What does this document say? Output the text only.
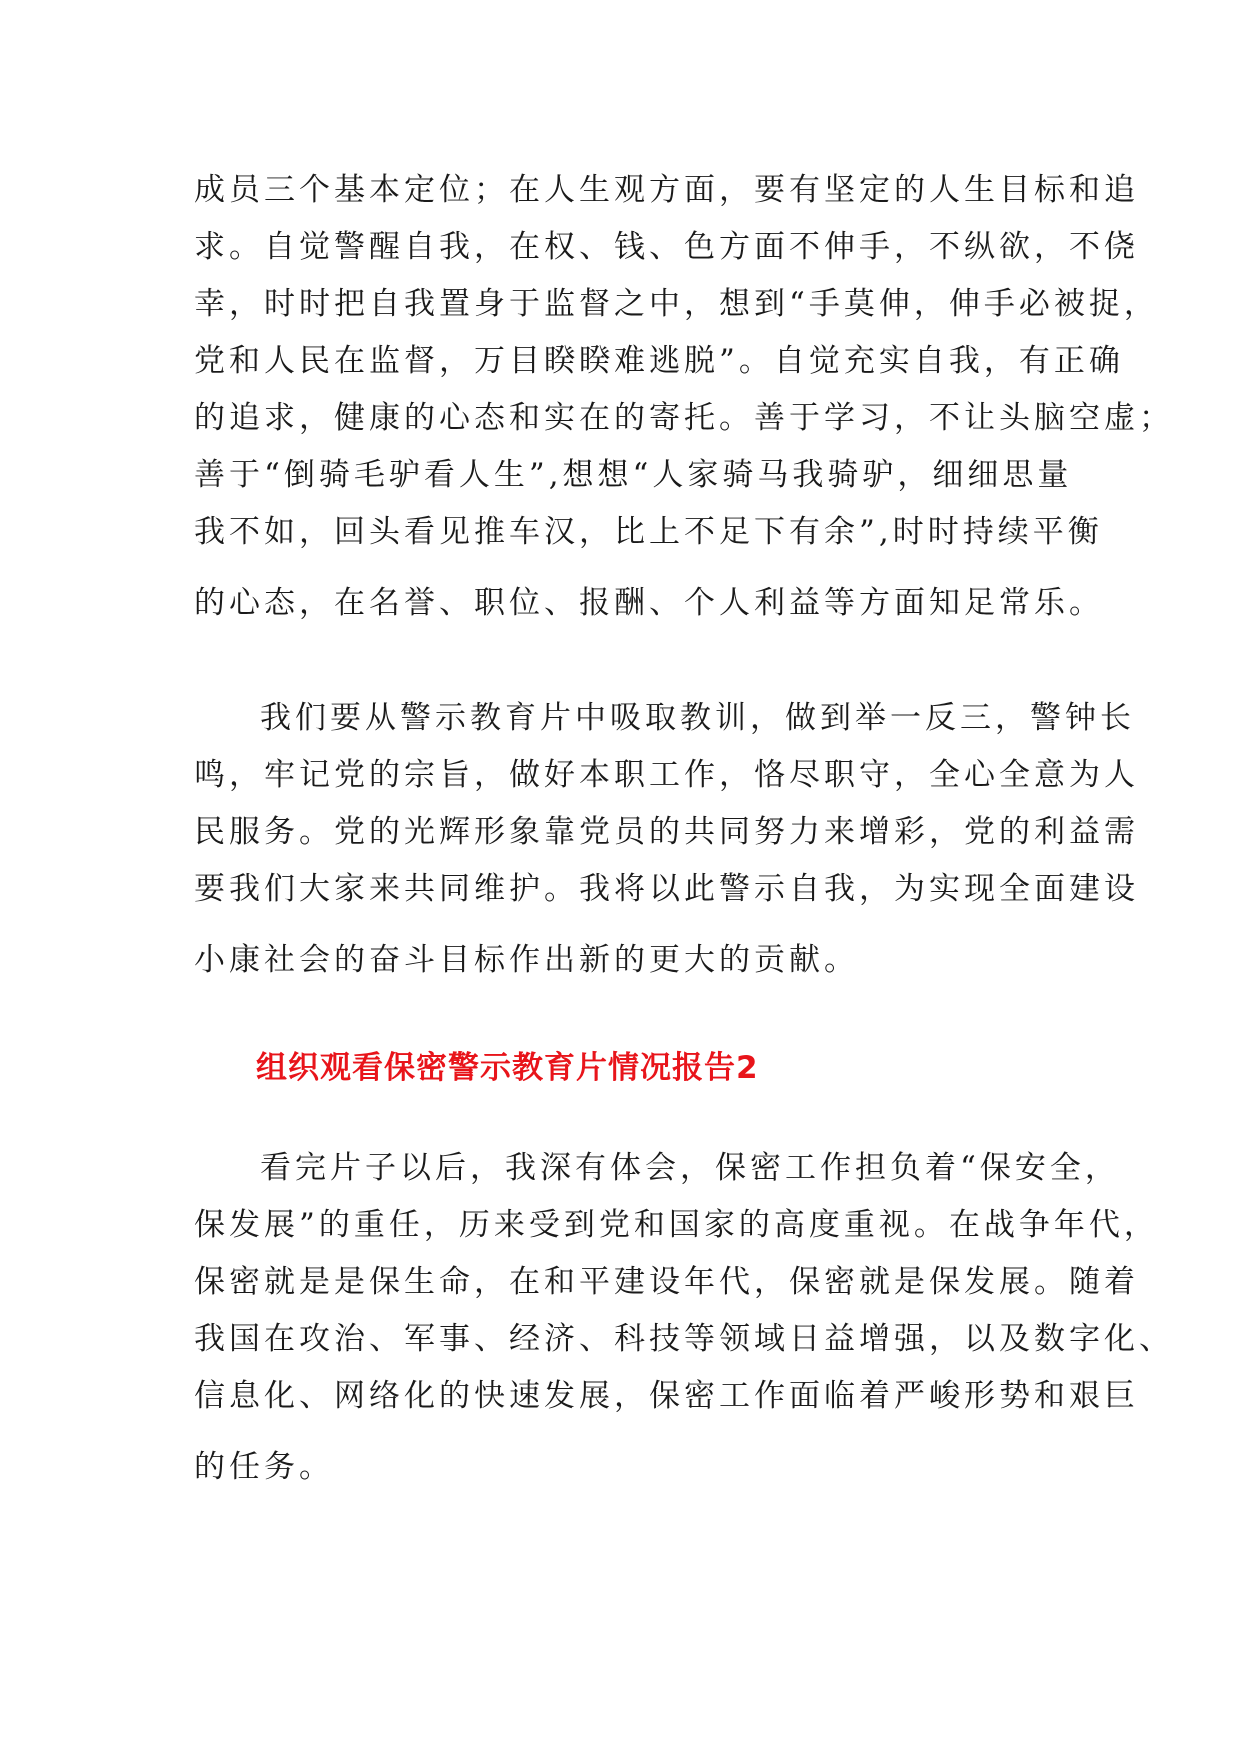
成员三个基本定位；在人生观方面，要有坚定的人生目标和追
求。自觉警醒自我，在权、钱、色方面不伸手，不纵欲，不侥
幸，时时把自我置身于监督之中，想到“手莫伸，伸手必被捉，
党和人民在监督，万目睽睽难逃脱”。自觉充实自我，有正确
的追求，健康的心态和实在的寄托。善于学习，不让头脑空虚；
善于“倒骑毛驴看人生”,想想“人家骑马我骑驴，细细思量
我不如，回头看见推车汉，比上不足下有余”,时时持续平衡
的心态，在名誉、职位、报酬、个人利益等方面知足常乐。
我们要从警示教育片中吸取教训，做到举一反三，警钟长
鸣，牢记党的宗旨，做好本职工作，恪尽职守，全心全意为人
民服务。党的光辉形象靠党员的共同努力来增彩，党的利益需
要我们大家来共同维护。我将以此警示自我，为实现全面建设
小康社会的奋斗目标作出新的更大的贡献。
组织观看保密警示教育片情况报告2
看完片子以后，我深有体会，保密工作担负着“保安全，
保发展”的重任，历来受到党和国家的高度重视。在战争年代，
保密就是是保生命，在和平建设年代，保密就是保发展。随着
我国在攻治、军事、经济、科技等领域日益增强，以及数字化、
信息化、网络化的快速发展，保密工作面临着严峻形势和艰巨
的任务。
